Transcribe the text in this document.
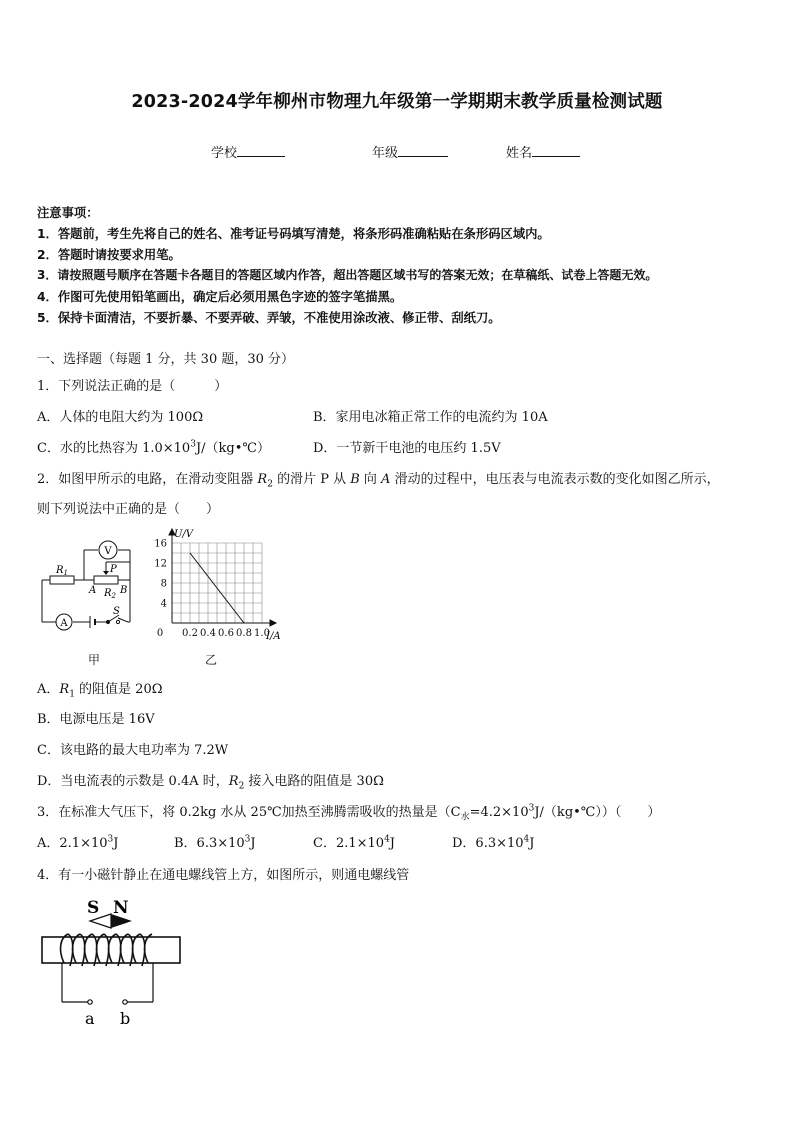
2023-2024学年柳州市物理九年级第一学期期末教学质量检测试题
学校	年级	姓名
注意事项：
1．答题前，考生先将自己的姓名、准考证号码填写清楚，将条形码准确粘贴在条形码区域内。
2．答题时请按要求用笔。
3．请按照题号顺序在答题卡各题目的答题区域内作答，超出答题区域书写的答案无效；在草稿纸、试卷上答题无效。
4．作图可先使用铅笔画出，确定后必须用黑色字迹的签字笔描黑。
5．保持卡面清洁，不要折暴、不要弄破、弄皱，不准使用涂改液、修正带、刮纸刀。
一、选择题（每题 1 分，共 30 题，30 分）
1．下列说法正确的是（　　　）
A．人体的电阻大约为 100Ω	B．家用电冰箱正常工作的电流约为 10A
C．水的比热容为 $1.0\times 10^3J/(kg•℃)$	D．一节新干电池的电压约 1.5V
2．如图甲所示的电路，在滑动变阻器 $R_2$ 的滑片 P 从 B 向 A 滑动的过程中，电压表与电流表示数的变化如图乙所示，
则下列说法中正确的是（　　）
V
A
$R_1$
$R_2$
P
A B
S
甲
0 0.2 0.4 0.6 0.8 1.0
4
8
12
16
U/V
I/A
乙
A．$R_1$ 的阻值是 20Ω
B．电源电压是 16V
C．该电路的最大电功率为 7.2W
D．当电流表的示数是 0.4A 时，$R_2$ 接入电路的阻值是 30Ω
3．在标准大气压下，将 0.2kg 水从 25℃加热至沸腾需吸收的热量是$(C_水=4.2\times 10^3J/(kg•℃))$（　　）
A．$2.1\times 10^3J$	B．$6.3\times 10^3J$	C．$2.1\times 10^4J$	D．$6.3\times 10^4J$
4．有一小磁针静止在通电螺线管上方，如图所示，则通电螺线管
S N
a b
